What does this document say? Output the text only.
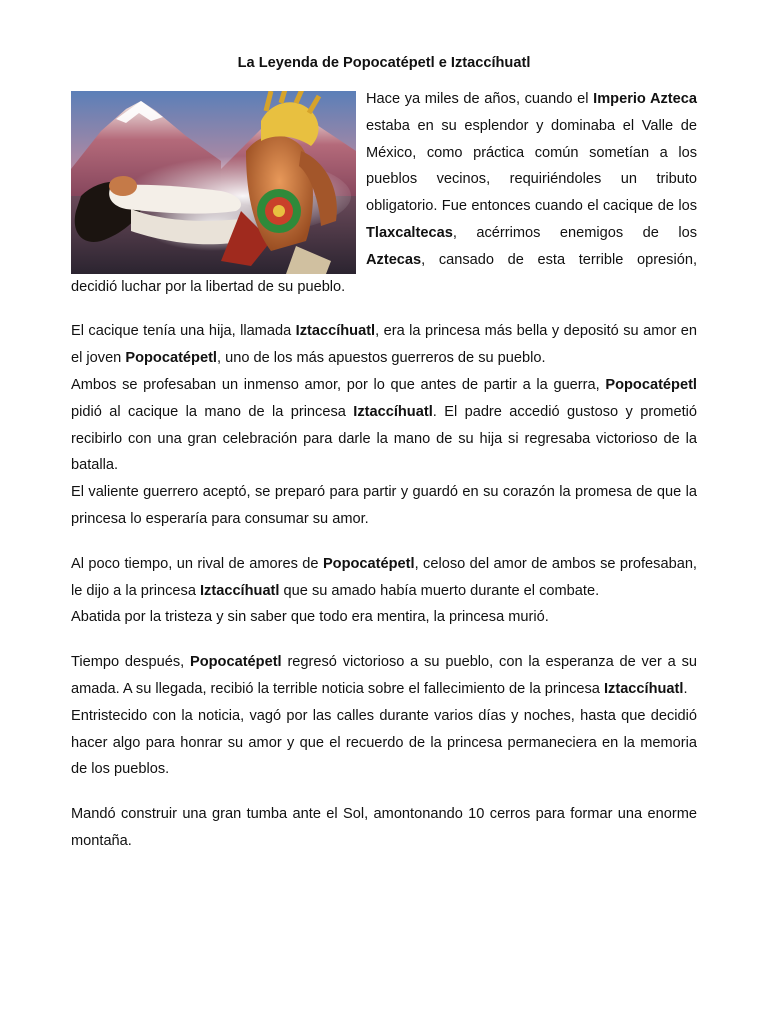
La Leyenda de Popocatépetl e Iztaccíhuatl

Hace ya miles de años, cuando el Imperio Azteca estaba en su esplendor y dominaba el Valle de México, como práctica común sometían a los pueblos vecinos, requiriéndoles un tributo obligatorio. Fue entonces cuando el cacique de los Tlaxcaltecas, acérrimos enemigos de los Aztecas, cansado de esta terrible opresión, decidió luchar por la libertad de su pueblo.

El cacique tenía una hija, llamada Iztaccíhuatl, era la princesa más bella y depositó su amor en el joven Popocatépetl, uno de los más apuestos guerreros de su pueblo.

Ambos se profesaban un inmenso amor, por lo que antes de partir a la guerra, Popocatépetl pidió al cacique la mano de la princesa Iztaccíhuatl. El padre accedió gustoso y prometió recibirlo con una gran celebración para darle la mano de su hija si regresaba victorioso de la batalla.

El valiente guerrero aceptó, se preparó para partir y guardó en su corazón la promesa de que la princesa lo esperaría para consumar su amor.

Al poco tiempo, un rival de amores de Popocatépetl, celoso del amor de ambos se profesaban, le dijo a la princesa Iztaccíhuatl que su amado había muerto durante el combate.

Abatida por la tristeza y sin saber que todo era mentira, la princesa murió.

Tiempo después, Popocatépetl regresó victorioso a su pueblo, con la esperanza de ver a su amada. A su llegada, recibió la terrible noticia sobre el fallecimiento de la princesa Iztaccíhuatl.

Entristecido con la noticia, vagó por las calles durante varios días y noches, hasta que decidió hacer algo para honrar su amor y que el recuerdo de la princesa permaneciera en la memoria de los pueblos.

Mandó construir una gran tumba ante el Sol, amontonando 10 cerros para formar una enorme montaña.
